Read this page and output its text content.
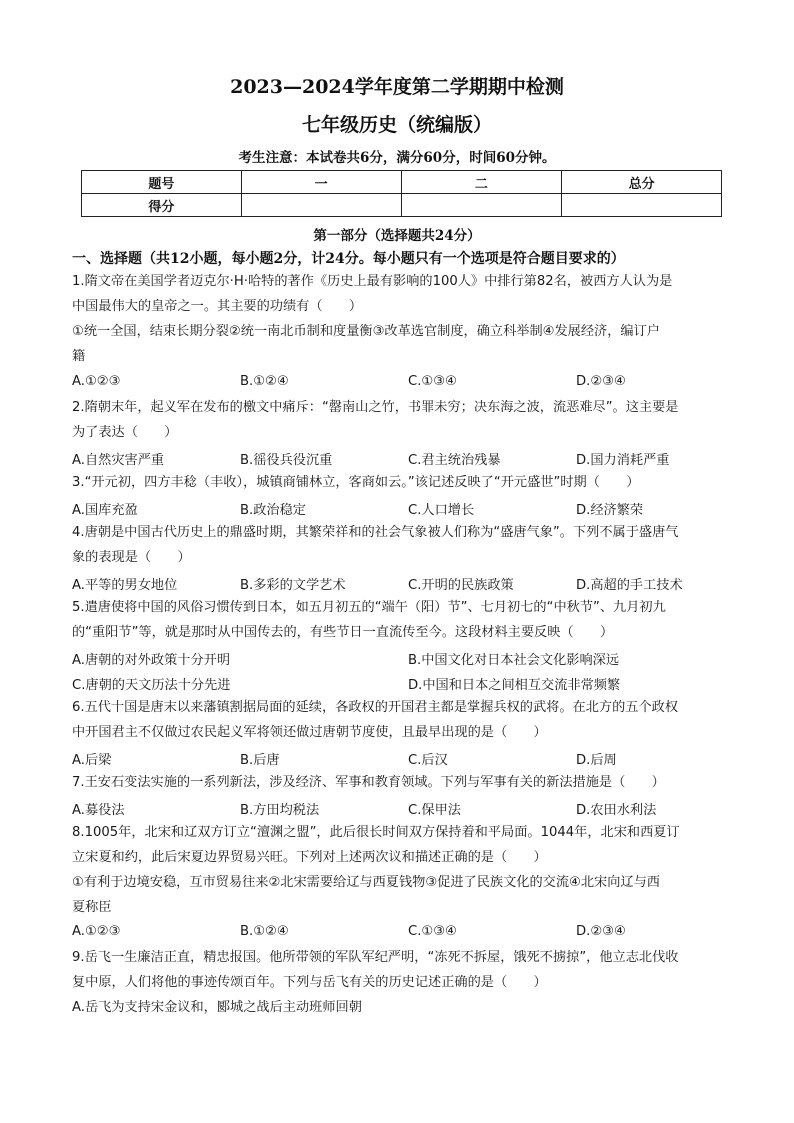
2023—2024学年度第二学期期中检测
七年级历史（统编版）
考生注意：本试卷共6分，满分60分，时间60分钟。
题号	一	二	总分
得分			
第一部分（选择题共24分）
一、选择题（共12小题，每小题2分，计24分。每小题只有一个选项是符合题目要求的）
1.隋文帝在美国学者迈克尔·H·哈特的著作《历史上最有影响的100人》中排行第82名，被西方人认为是
中国最伟大的皇帝之一。其主要的功绩有（　　）
①统一全国，结束长期分裂②统一南北币制和度量衡③改革选官制度，确立科举制④发展经济，编订户
籍
A.①②③	B.①②④	C.①③④	D.②③④
2.隋朝末年，起义军在发布的檄文中痛斥：“罄南山之竹，书罪未穷；决东海之波，流恶难尽”。这主要是
为了表达（　　）
A.自然灾害严重	B.徭役兵役沉重	C.君主统治残暴	D.国力消耗严重
3.“开元初，四方丰稔（丰收），城镇商铺林立，客商如云。”该记述反映了“开元盛世”时期（　　）
A.国库充盈	B.政治稳定	C.人口增长	D.经济繁荣
4.唐朝是中国古代历史上的鼎盛时期，其繁荣祥和的社会气象被人们称为“盛唐气象”。下列不属于盛唐气
象的表现是（　　）
A.平等的男女地位	B.多彩的文学艺术	C.开明的民族政策	D.高超的手工技术
5.遣唐使将中国的风俗习惯传到日本，如五月初五的“端午（阳）节”、七月初七的“中秋节”、九月初九
的“重阳节”等，就是那时从中国传去的，有些节日一直流传至今。这段材料主要反映（　　）
A.唐朝的对外政策十分开明	B.中国文化对日本社会文化影响深远
C.唐朝的天文历法十分先进	D.中国和日本之间相互交流非常频繁
6.五代十国是唐末以来藩镇割据局面的延续，各政权的开国君主都是掌握兵权的武将。在北方的五个政权
中开国君主不仅做过农民起义军将领还做过唐朝节度使，且最早出现的是（　　）
A.后梁	B.后唐	C.后汉	D.后周
7.王安石变法实施的一系列新法，涉及经济、军事和教育领域。下列与军事有关的新法措施是（　　）
A.募役法	B.方田均税法	C.保甲法	D.农田水利法
8.1005年，北宋和辽双方订立“澶渊之盟”，此后很长时间双方保持着和平局面。1044年，北宋和西夏订
立宋夏和约，此后宋夏边界贸易兴旺。下列对上述两次议和描述正确的是（　　）
①有利于边境安稳，互市贸易往来②北宋需要给辽与西夏钱物③促进了民族文化的交流④北宋向辽与西
夏称臣
A.①②③	B.①②④	C.①③④	D.②③④
9.岳飞一生廉洁正直，精忠报国。他所带领的军队军纪严明，“冻死不拆屋，饿死不掳掠”，他立志北伐收
复中原，人们将他的事迹传颂百年。下列与岳飞有关的历史记述正确的是（　　）
A.岳飞为支持宋金议和，郾城之战后主动班师回朝
